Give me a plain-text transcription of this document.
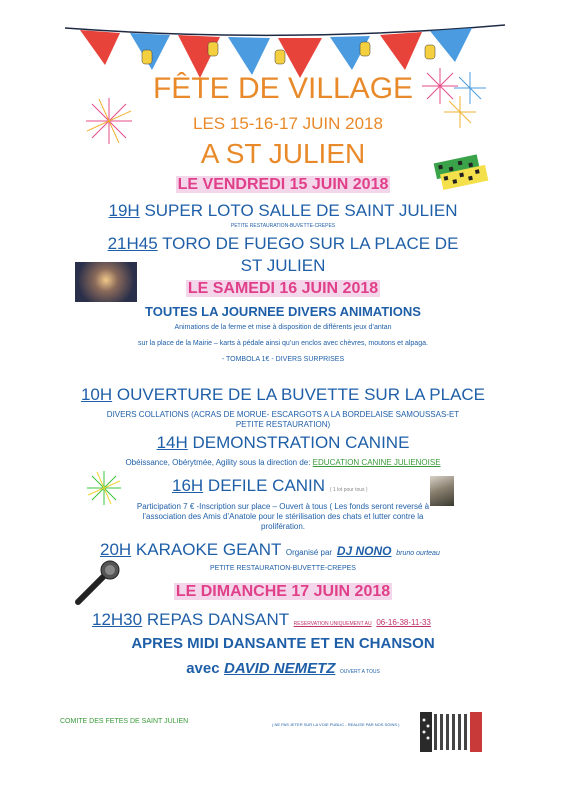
FÊTE DE VILLAGE
LES 15-16-17 JUIN 2018
A ST JULIEN
LE VENDREDI 15 JUIN 2018
19H SUPER LOTO SALLE DE SAINT JULIEN
PETITE RESTAURATION-BUVETTE-CREPES
21H45 TORO DE FUEGO SUR LA PLACE DE
ST JULIEN
LE SAMEDI 16 JUIN 2018
TOUTES LA JOURNEE DIVERS ANIMATIONS
Animations de la ferme et mise à disposition de différents jeux d’antan
sur la place de la Mairie – karts à pédale ainsi qu’un enclos avec chèvres, moutons et alpaga.
- TOMBOLA 1€ - DIVERS SURPRISES
10H OUVERTURE DE LA BUVETTE SUR LA PLACE
DIVERS COLLATIONS (ACRAS DE MORUE- ESCARGOTS A LA BORDELAISE SAMOUSSAS-ET
PETITE RESTAURATION)
14H DEMONSTRATION CANINE
Obéissance, Obérytmée, Agility sous la direction de: EDUCATION CANINE JULIENOISE
16H DEFILE CANIN ( 1 lot pour tous )
Participation 7 € -Inscription sur place – Ouvert à tous ( Les fonds seront reversé à
l’association des Amis d’Anatole pour le stérilisation des chats et lutter contre la
prolifération.
20H KARAOKE GEANT Organisé par DJ NONO bruno ourteau
PETITE RESTAURATION-BUVETTE-CREPES
LE DIMANCHE 17 JUIN 2018
12H30 REPAS DANSANT RESERVATION UNIQUEMENT AU 06-16-38-11-33
APRES MIDI DANSANTE ET EN CHANSON
avec DAVID NEMETZ OUVERT A TOUS
COMITE DES FETES DE SAINT JULIEN	( NE PAS JETER SUR LA VOIE PUBLIC - REALISE PAR NOS SOINS )
